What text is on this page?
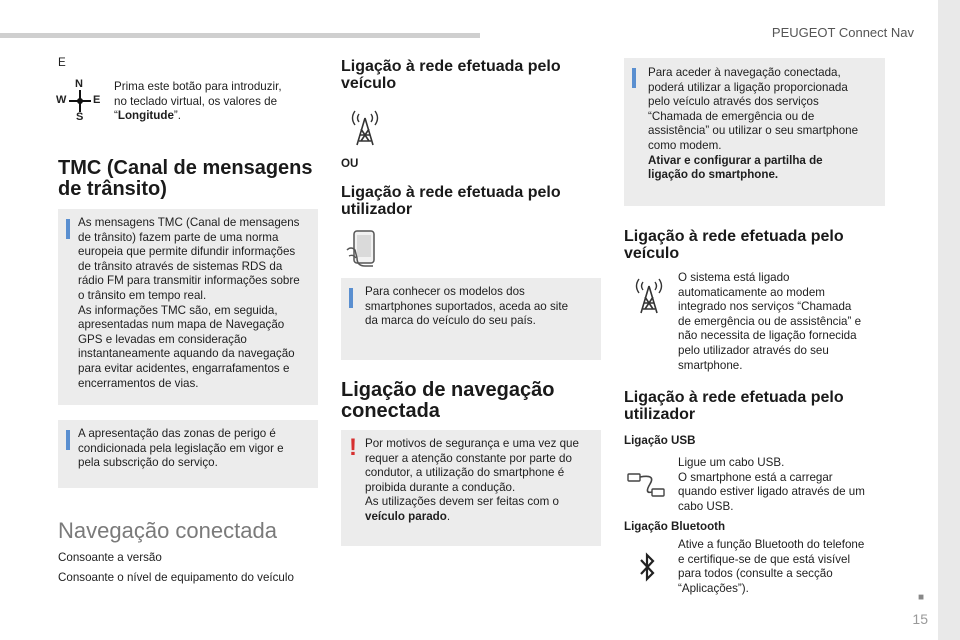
PEUGEOT Connect Nav
■
15
E
N
W E
S
Prima este botão para introduzir,
no teclado virtual, os valores de
“Longitude”.
TMC (Canal de mensagens
de trânsito)
As mensagens TMC (Canal de mensagens
de trânsito) fazem parte de uma norma
europeia que permite difundir informações
de trânsito através de sistemas RDS da
rádio FM para transmitir informações sobre
o trânsito em tempo real.
As informações TMC são, em seguida,
apresentadas num mapa de Navegação
GPS e levadas em consideração
instantaneamente aquando da navegação
para evitar acidentes, engarrafamentos e
encerramentos de vias.
A apresentação das zonas de perigo é
condicionada pela legislação em vigor e
pela subscrição do serviço.
Navegação conectada
Consoante a versão
Consoante o nível de equipamento do veículo
Ligação à rede efetuada pelo
veículo
OU
Ligação à rede efetuada pelo
utilizador
Para conhecer os modelos dos
smartphones suportados, aceda ao site
da marca do veículo do seu país.
Ligação de navegação
conectada
! Por motivos de segurança e uma vez que
requer a atenção constante por parte do
condutor, a utilização do smartphone é
proibida durante a condução.
As utilizações devem ser feitas com o
veículo parado.
Para aceder à navegação conectada,
poderá utilizar a ligação proporcionada
pelo veículo através dos serviços
“Chamada de emergência ou de
assistência” ou utilizar o seu smartphone
como modem.
Ativar e configurar a partilha de
ligação do smartphone.
Ligação à rede efetuada pelo
veículo
O sistema está ligado
automaticamente ao modem
integrado nos serviços “Chamada
de emergência ou de assistência” e
não necessita de ligação fornecida
pelo utilizador através do seu
smartphone.
Ligação à rede efetuada pelo
utilizador
Ligação USB
Ligue um cabo USB.
O smartphone está a carregar
quando estiver ligado através de um
cabo USB.
Ligação Bluetooth
Ative a função Bluetooth do telefone
e certifique-se de que está visível
para todos (consulte a secção
“Aplicações”).
